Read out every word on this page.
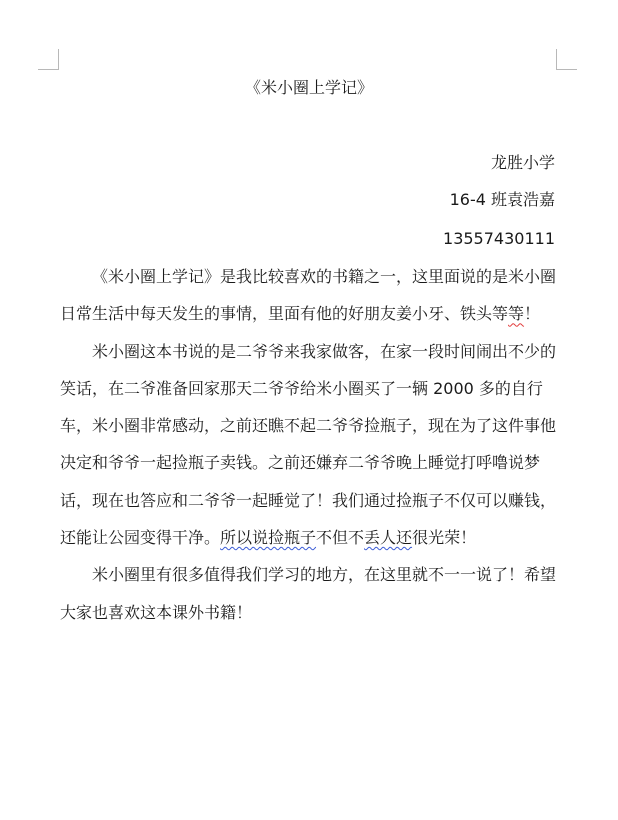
《米小圈上学记》
龙胜小学
16-4 班袁浩嘉
13557430111

《米小圈上学记》是我比较喜欢的书籍之一，这里面说的是米小圈日常生活中每天发生的事情，里面有他的好朋友姜小牙、铁头等等！

米小圈这本书说的是二爷爷来我家做客，在家一段时间闹出不少的笑话，在二爷准备回家那天二爷爷给米小圈买了一辆 2000 多的自行车，米小圈非常感动，之前还瞧不起二爷爷捡瓶子，现在为了这件事他决定和爷爷一起捡瓶子卖钱。之前还嫌弃二爷爷晚上睡觉打呼噜说梦话，现在也答应和二爷爷一起睡觉了！我们通过捡瓶子不仅可以赚钱，还能让公园变得干净。所以说捡瓶子不但不丢人还很光荣！

米小圈里有很多值得我们学习的地方，在这里就不一一说了！希望大家也喜欢这本课外书籍！
